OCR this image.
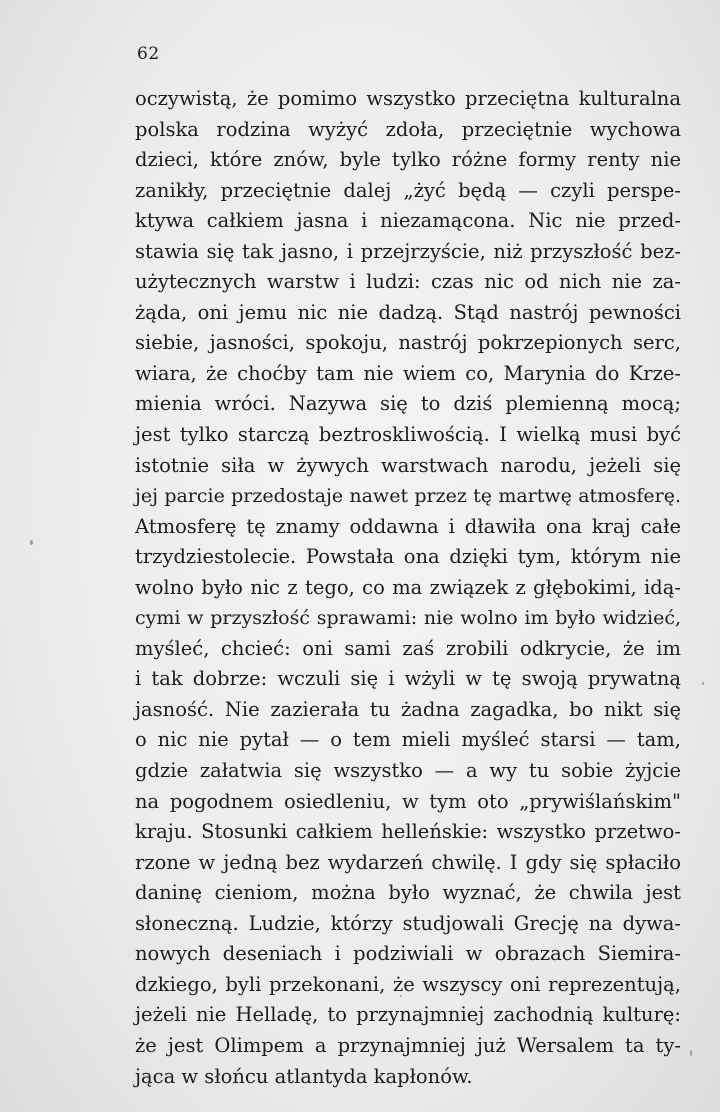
62
oczywistą, że pomimo wszystko przeciętna kulturalna
polska rodzina wyżyć zdoła, przeciętnie wychowa
dzieci, które znów, byle tylko różne formy renty nie
zanikły, przeciętnie dalej „żyć będą — czyli perspe-
ktywa całkiem jasna i niezamącona. Nic nie przed-
stawia się tak jasno, i przejrzyście, niż przyszłość bez-
użytecznych warstw i ludzi: czas nic od nich nie za-
żąda, oni jemu nic nie dadzą. Stąd nastrój pewności
siebie, jasności, spokoju, nastrój pokrzepionych serc,
wiara, że choćby tam nie wiem co, Marynia do Krze-
mienia wróci. Nazywa się to dziś plemienną mocą;
jest tylko starczą beztroskliwością. I wielką musi być
istotnie siła w żywych warstwach narodu, jeżeli się
jej parcie przedostaje nawet przez tę martwę atmosferę.
Atmosferę tę znamy oddawna i dławiła ona kraj całe
trzydziestolecie. Powstała ona dzięki tym, którym nie
wolno było nic z tego, co ma związek z głębokimi, idą-
cymi w przyszłość sprawami: nie wolno im było widzieć,
myśleć, chcieć: oni sami zaś zrobili odkrycie, że im
i tak dobrze: wczuli się i wżyli w tę swoją prywatną
jasność. Nie zazierała tu żadna zagadka, bo nikt się
o nic nie pytał — o tem mieli myśleć starsi — tam,
gdzie załatwia się wszystko — a wy tu sobie żyjcie
na pogodnem osiedleniu, w tym oto „prywiślańskim"
kraju. Stosunki całkiem helleńskie: wszystko przetwo-
rzone w jedną bez wydarzeń chwilę. I gdy się spłaciło
daninę cieniom, można było wyznać, że chwila jest
słoneczną. Ludzie, którzy studjowali Grecję na dywa-
nowych deseniach i podziwiali w obrazach Siemira-
dzkiego, byli przekonani, że wszyscy oni reprezentują,
jeżeli nie Helladę, to przynajmniej zachodnią kulturę:
że jest Olimpem a przynajmniej już Wersalem ta ty-
jąca w słońcu atlantyda kapłonów.
